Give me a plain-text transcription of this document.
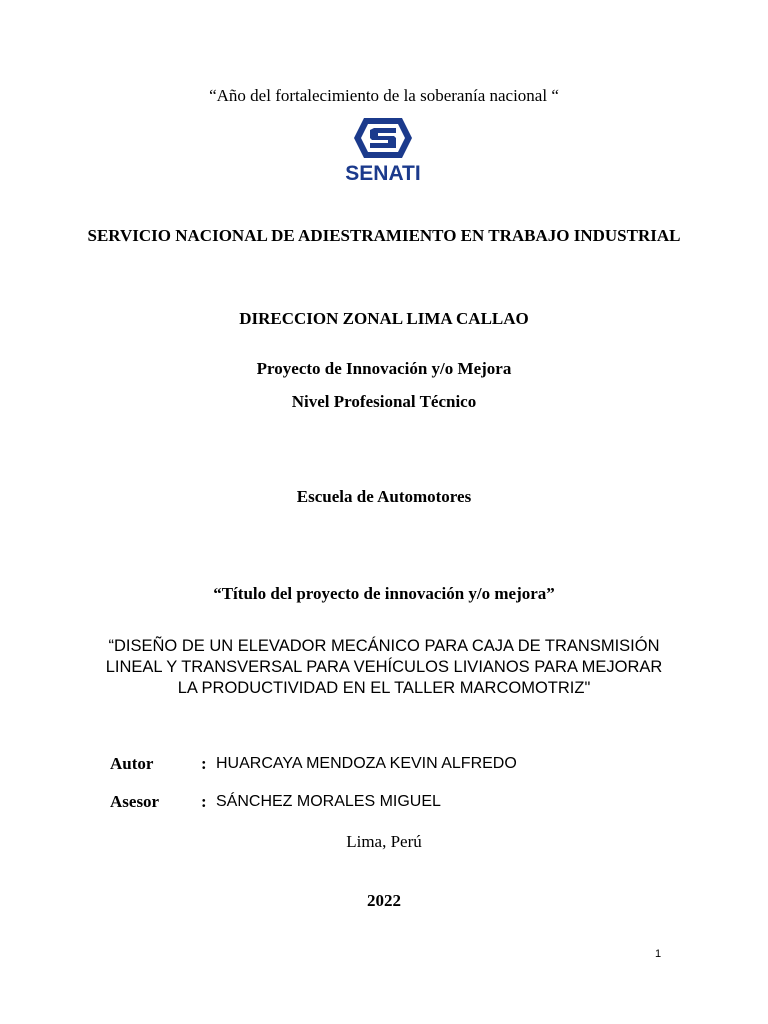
“Año del fortalecimiento de la soberanía nacional “
SENATI
SERVICIO NACIONAL DE ADIESTRAMIENTO EN TRABAJO INDUSTRIAL
DIRECCION ZONAL LIMA CALLAO
Proyecto de Innovación y/o Mejora
Nivel Profesional Técnico
Escuela de Automotores
“Título del proyecto de innovación y/o mejora”
“DISEÑO DE UN ELEVADOR MECÁNICO PARA CAJA DE TRANSMISIÓN LINEAL Y TRANSVERSAL PARA VEHÍCULOS LIVIANOS PARA MEJORAR LA PRODUCTIVIDAD EN EL TALLER MARCOMOTRIZ"
Autor	: HUARCAYA MENDOZA KEVIN ALFREDO
Asesor : SÁNCHEZ MORALES MIGUEL
Lima, Perú
2022
1
